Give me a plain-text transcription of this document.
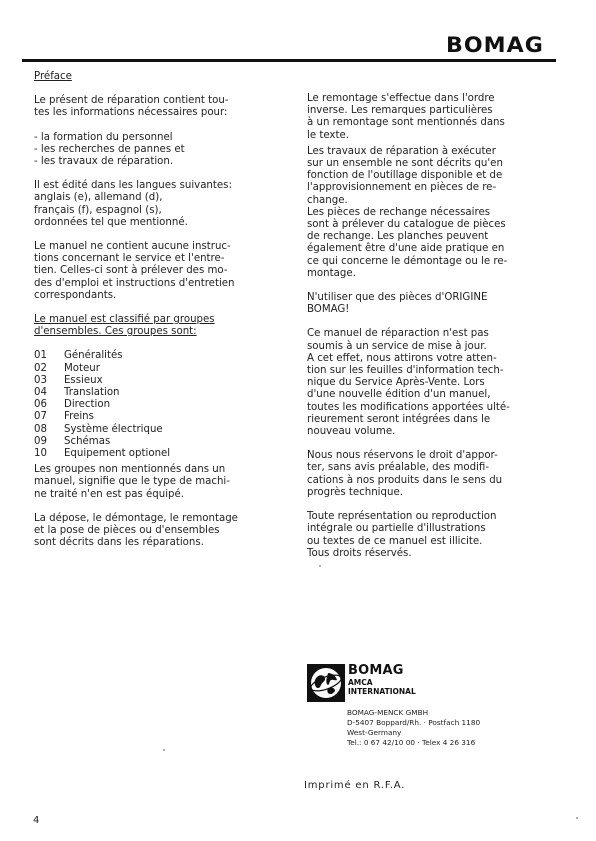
BOMAG

Préface

Le présent de réparation contient tou-

tes les informations nécessaires pour:

- la formation du personnel

- les recherches de pannes et

- les travaux de réparation.

Il est édité dans les langues suivantes:

anglais (e), allemand (d),

français (f), espagnol (s),

ordonnées tel que mentionné.

Le manuel ne contient aucune instruc-

tions concernant le service et l'entre-

tien. Celles-ci sont à prélever des mo-

des d'emploi et instructions d'entretien

correspondants.

Le manuel est classifié par groupes

d'ensembles. Ces groupes sont:

01	Généralités
02	Moteur
03	Essieux
04	Translation
06	Direction
07	Freins
08	Système électrique
09	Schémas
10	Equipement optionel

Les groupes non mentionnés dans un

manuel, signifie que le type de machi-

ne traité n'en est pas équipé.

La dépose, le démontage, le remontage

et la pose de pièces ou d'ensembles

sont décrits dans les réparations.

Le remontage s'effectue dans l'ordre

inverse. Les remarques particulières

à un remontage sont mentionnés dans

le texte.

Les travaux de réparation à exécuter

sur un ensemble ne sont décrits qu'en

fonction de l'outillage disponible et de

l'approvisionnement en pièces de re-

change.

Les pièces de rechange nécessaires

sont à prélever du catalogue de pièces

de rechange. Les planches peuvent

également être d'une aide pratique en

ce qui concerne le démontage ou le re-

montage.

N'utiliser que des pièces d'ORIGINE

BOMAG!

Ce manuel de réparaction n'est pas

soumis à un service de mise à jour.

A cet effet, nous attirons votre atten-

tion sur les feuilles d'information tech-

nique du Service Après-Vente. Lors

d'une nouvelle édition d'un manuel,

toutes les modifications apportées ulté-

rieurement seront intégrées dans le

nouveau volume.

Nous nous réservons le droit d'appor-

ter, sans avis préalable, des modifi-

cations à nos produits dans le sens du

progrès technique.

Toute représentation ou reproduction

intégrale ou partielle d'illustrations

ou textes de ce manuel est illicite.

Tous droits réservés.

BOMAG
AMCA
INTERNATIONAL
BOMAG-MENCK GMBH
D-5407 Boppard/Rh. · Postfach 1180
West-Germany
Tel.: 0 67 42/10 00 · Telex 4 26 316
Imprimé en R.F.A.
4
